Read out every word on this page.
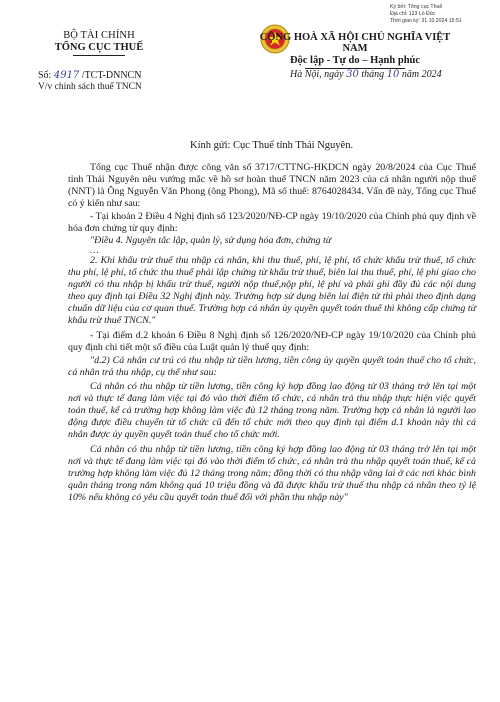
Ký bởi: Tổng cục Thuế
Địa chỉ: 123 Lò Đúc
Thời gian ký: 31.10.2024 15:51
BỘ TÀI CHÍNH
TỔNG CỤC THUẾ
CỘNG HOÀ XÃ HỘI CHỦ NGHĨA VIỆT NAM
Độc lập - Tự do – Hạnh phúc
Số: 4917 /TCT-DNNCN
V/v chính sách thuế TNCN
Hà Nội, ngày 30 tháng 10 năm 2024
Kính gửi: Cục Thuế tỉnh Thái Nguyên.

Tổng cục Thuế nhận được công văn số 3717/CTTNG-HKDCN ngày 20/8/2024 của Cục Thuế tỉnh Thái Nguyên nêu vướng mắc về hồ sơ hoàn thuế TNCN năm 2023 của cá nhân người nộp thuế (NNT) là Ông Nguyễn Văn Phong (ông Phong), Mã số thuế: 8764028434. Vấn đề này, Tổng cục Thuế có ý kiến như sau:

- Tại khoản 2 Điều 4 Nghị định số 123/2020/NĐ-CP ngày 19/10/2020 của Chính phủ quy định về hóa đơn chứng từ quy định:

"Điều 4. Nguyên tắc lập, quản lý, sử dụng hóa đơn, chứng từ

…

2. Khi khấu trừ thuế thu nhập cá nhân, khi thu thuế, phí, lệ phí, tổ chức khấu trừ thuế, tổ chức thu phí, lệ phí, tổ chức thu thuế phải lập chứng từ khấu trừ thuế, biên lai thu thuế, phí, lệ phí giao cho người có thu nhập bị khấu trừ thuế, người nộp thuế,nộp phí, lệ phí và phải ghi đầy đủ các nội dung theo quy định tại Điều 32 Nghị định này. Trường hợp sử dụng biên lai điện tử thì phải theo định dạng chuẩn dữ liệu của cơ quan thuế. Trường hợp cá nhân ủy quyền quyết toán thuế thì không cấp chứng từ khấu trừ thuế TNCN."

- Tại điểm d.2 khoản 6 Điều 8 Nghị định số 126/2020/NĐ-CP ngày 19/10/2020 của Chính phủ quy định chi tiết một số điều của Luật quản lý thuế quy định:

"d.2) Cá nhân cư trú có thu nhập từ tiền lương, tiền công ủy quyền quyết toán thuế cho tổ chức, cá nhân trả thu nhập, cụ thể như sau:

Cá nhân có thu nhập từ tiền lương, tiền công ký hợp đồng lao động từ 03 tháng trở lên tại một nơi và thực tế đang làm việc tại đó vào thời điểm tổ chức, cá nhân trả thu nhập thực hiện việc quyết toán thuế, kể cả trường hợp không làm việc đủ 12 tháng trong năm. Trường hợp cá nhân là người lao động được điều chuyển từ tổ chức cũ đến tổ chức mới theo quy định tại điểm d.1 khoản này thì cá nhân được ủy quyền quyết toán thuế cho tổ chức mới.

Cá nhân có thu nhập từ tiền lương, tiền công ký hợp đồng lao động từ 03 tháng trở lên tại một nơi và thực tế đang làm việc tại đó vào thời điểm tổ chức, cá nhân trả thu nhập quyết toán thuế, kể cả trường hợp không làm việc đủ 12 tháng trong năm; đồng thời có thu nhập vãng lai ở các nơi khác bình quân tháng trong năm không quá 10 triệu đồng và đã được khấu trừ thuế thu nhập cá nhân theo tỷ lệ 10% nếu không có yêu cầu quyết toán thuế đối với phần thu nhập này"
